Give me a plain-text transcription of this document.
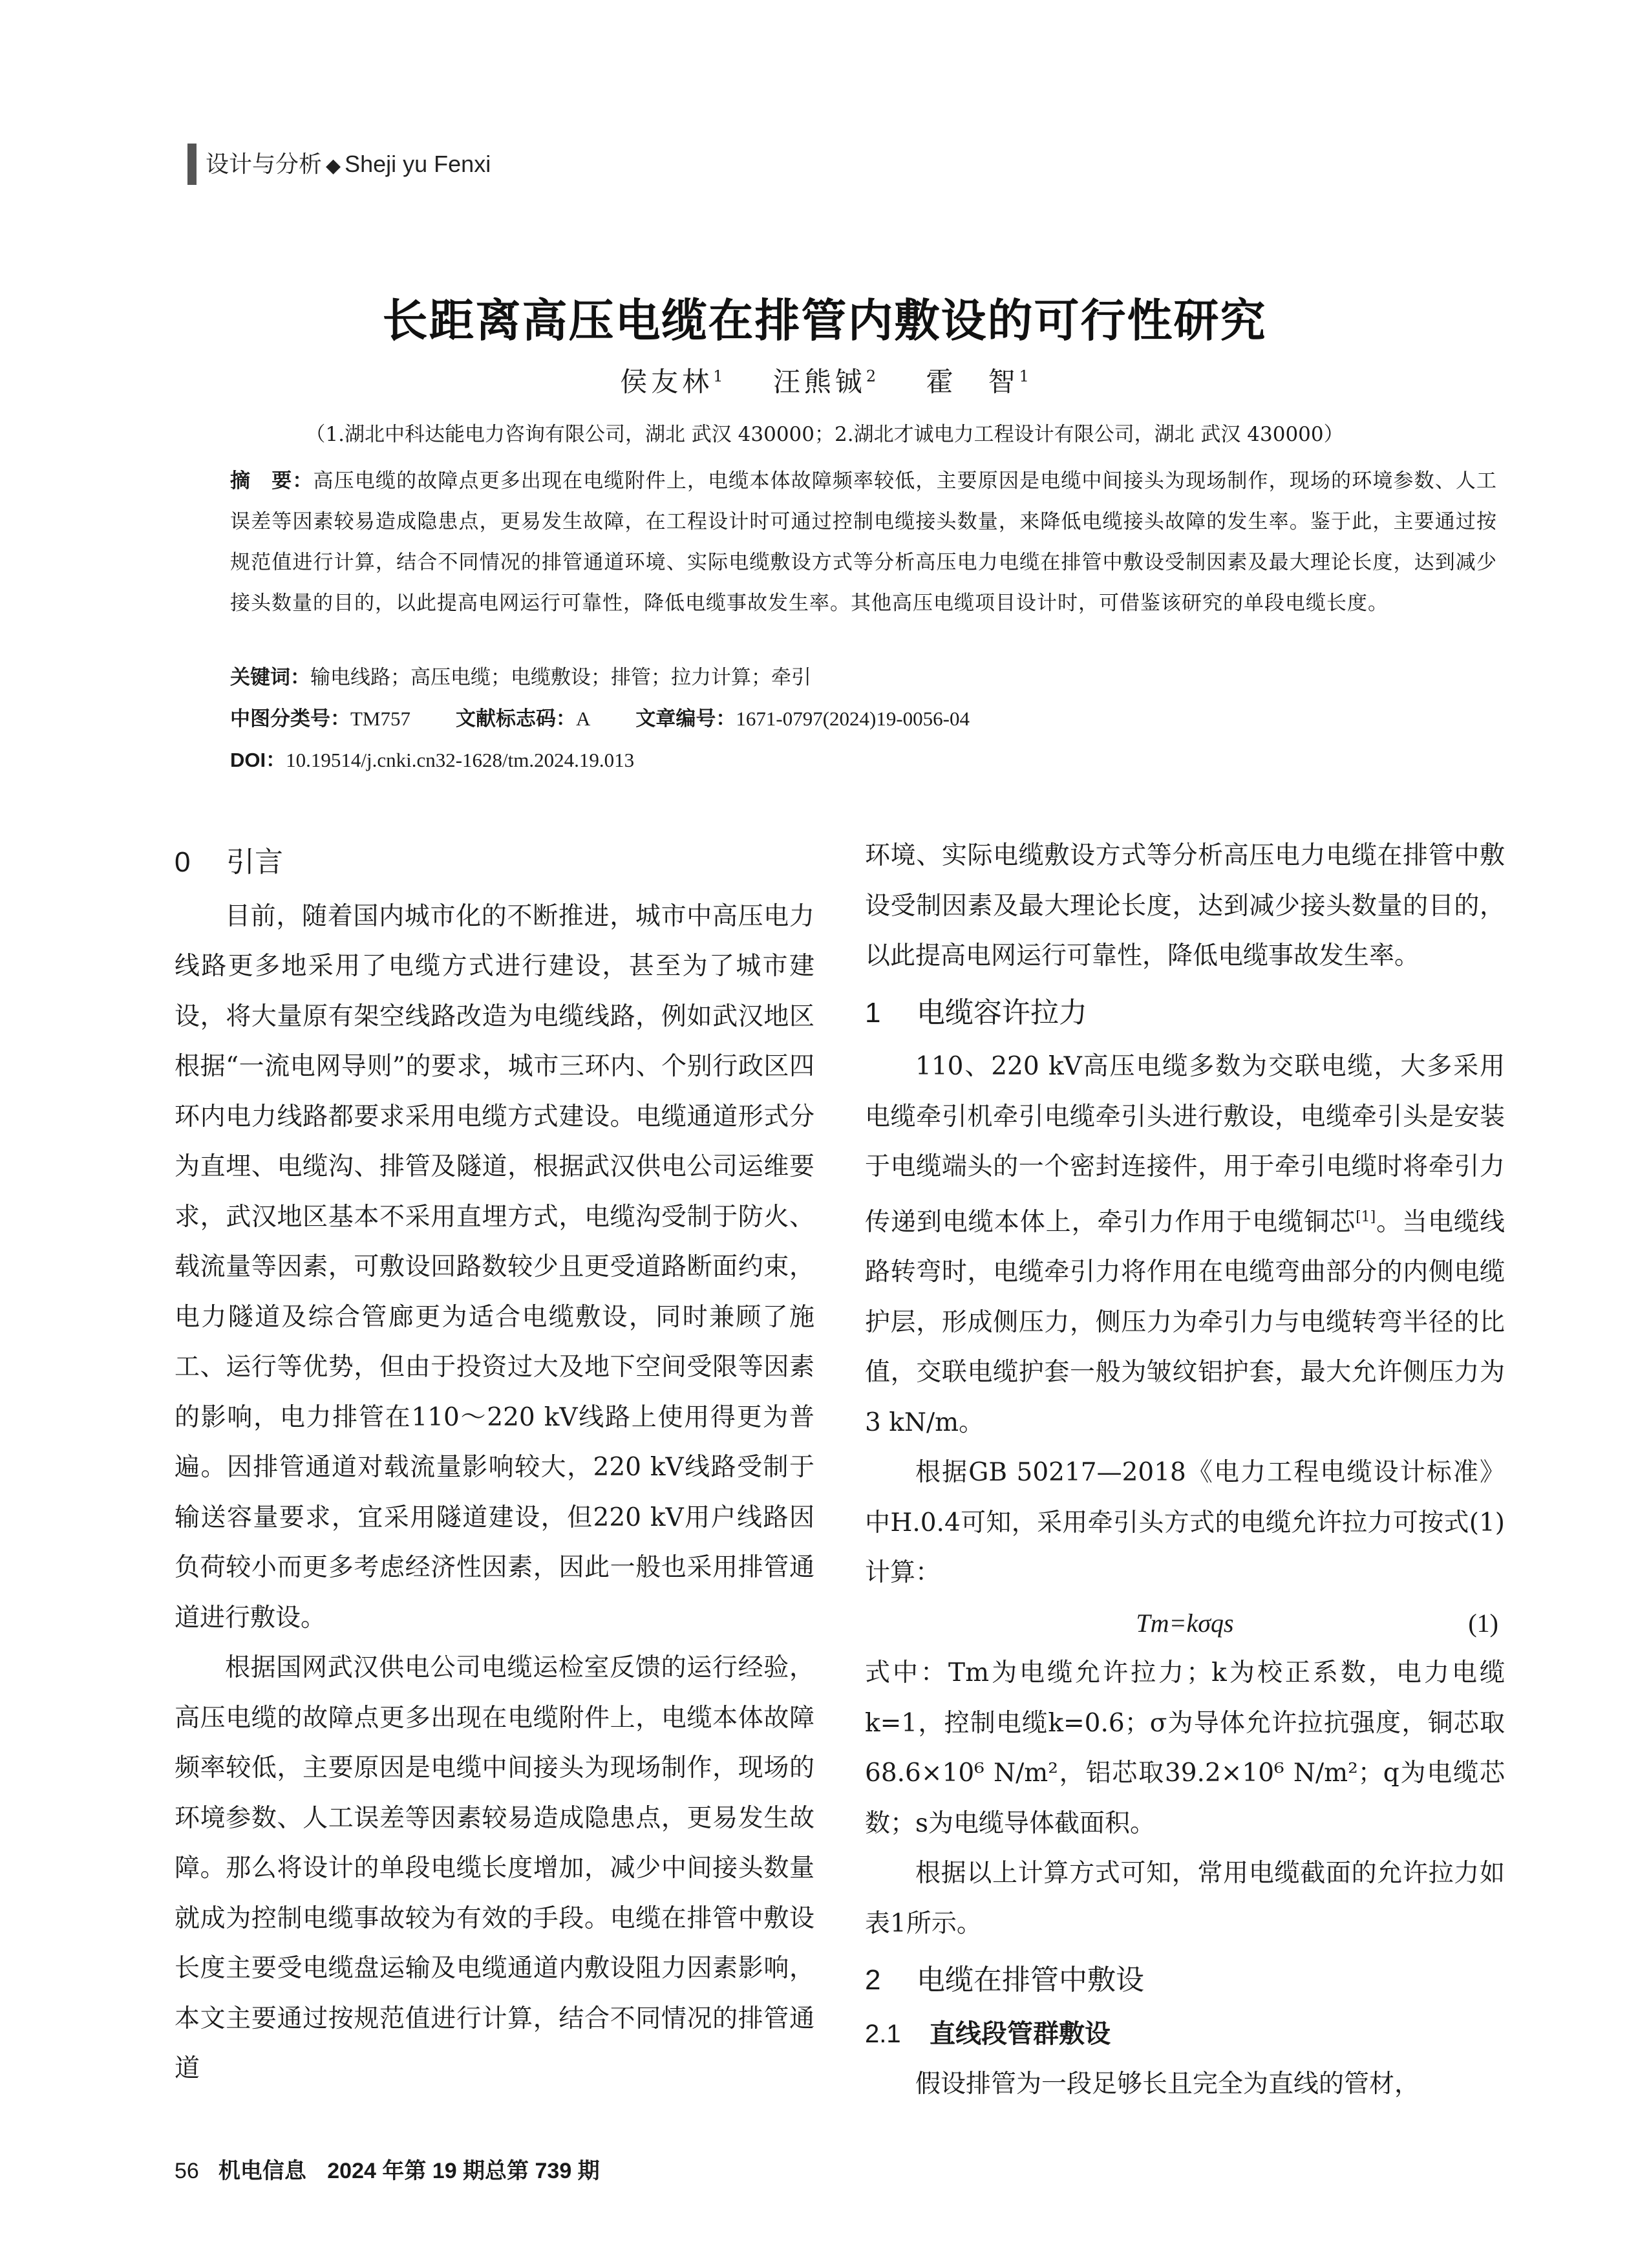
设计与分析 ◆ Sheji yu Fenxi
长距离高压电缆在排管内敷设的可行性研究
侯友林$^1$ 汪熊铖$^2$ 霍　智$^1$
（1.湖北中科达能电力咨询有限公司，湖北 武汉 430000；2.湖北才诚电力工程设计有限公司，湖北 武汉 430000）
摘　要：高压电缆的故障点更多出现在电缆附件上，电缆本体故障频率较低，主要原因是电缆中间接头为现场制作，现场的环境参数、人工误差等因素较易造成隐患点，更易发生故障，在工程设计时可通过控制电缆接头数量，来降低电缆接头故障的发生率。鉴于此，主要通过按规范值进行计算，结合不同情况的排管通道环境、实际电缆敷设方式等分析高压电力电缆在排管中敷设受制因素及最大理论长度，达到减少接头数量的目的，以此提高电网运行可靠性，降低电缆事故发生率。其他高压电缆项目设计时，可借鉴该研究的单段电缆长度。
关键词：输电线路；高压电缆；电缆敷设；排管；拉力计算；牵引
中图分类号：TM757 文献标志码：A 文章编号：1671-0797(2024)19-0056-04
DOI：10.19514/j.cnki.cn32-1628/tm.2024.19.013
0 引言

目前，随着国内城市化的不断推进，城市中高压电力线路更多地采用了电缆方式进行建设，甚至为了城市建设，将大量原有架空线路改造为电缆线路，例如武汉地区根据“一流电网导则”的要求，城市三环内、个别行政区四环内电力线路都要求采用电缆方式建设。电缆通道形式分为直埋、电缆沟、排管及隧道，根据武汉供电公司运维要求，武汉地区基本不采用直埋方式，电缆沟受制于防火、载流量等因素，可敷设回路数较少且更受道路断面约束，电力隧道及综合管廊更为适合电缆敷设，同时兼顾了施工、运行等优势，但由于投资过大及地下空间受限等因素的影响，电力排管在110～220 kV线路上使用得更为普遍。因排管通道对载流量影响较大，220 kV线路受制于输送容量要求，宜采用隧道建设，但220 kV用户线路因负荷较小而更多考虑经济性因素，因此一般也采用排管通道进行敷设。

根据国网武汉供电公司电缆运检室反馈的运行经验，高压电缆的故障点更多出现在电缆附件上，电缆本体故障频率较低，主要原因是电缆中间接头为现场制作，现场的环境参数、人工误差等因素较易造成隐患点，更易发生故障。那么将设计的单段电缆长度增加，减少中间接头数量就成为控制电缆事故较为有效的手段。电缆在排管中敷设长度主要受电缆盘运输及电缆通道内敷设阻力因素影响，本文主要通过按规范值进行计算，结合不同情况的排管通道

环境、实际电缆敷设方式等分析高压电力电缆在排管中敷设受制因素及最大理论长度，达到减少接头数量的目的，以此提高电网运行可靠性，降低电缆事故发生率。

1 电缆容许拉力

110、220 kV高压电缆多数为交联电缆，大多采用电缆牵引机牵引电缆牵引头进行敷设，电缆牵引头是安装于电缆端头的一个密封连接件，用于牵引电缆时将牵引力传递到电缆本体上，牵引力作用于电缆铜芯[1]。当电缆线路转弯时，电缆牵引力将作用在电缆弯曲部分的内侧电缆护层，形成侧压力，侧压力为牵引力与电缆转弯半径的比值，交联电缆护套一般为皱纹铝护套，最大允许侧压力为3 kN/m。

根据GB 50217—2018《电力工程电缆设计标准》中H.0.4可知，采用牵引头方式的电缆允许拉力可按式(1)计算：

Tm=kσqs	(1)

式中：Tm为电缆允许拉力；k为校正系数，电力电缆k=1，控制电缆k=0.6；σ为导体允许拉抗强度，铜芯取68.6×10⁶ N/m²，铝芯取39.2×10⁶ N/m²；q为电缆芯数；s为电缆导体截面积。

根据以上计算方式可知，常用电缆截面的允许拉力如表1所示。

2 电缆在排管中敷设
2.1 直线段管群敷设

假设排管为一段足够长且完全为直线的管材，

56 机电信息 2024 年第 19 期总第 739 期
